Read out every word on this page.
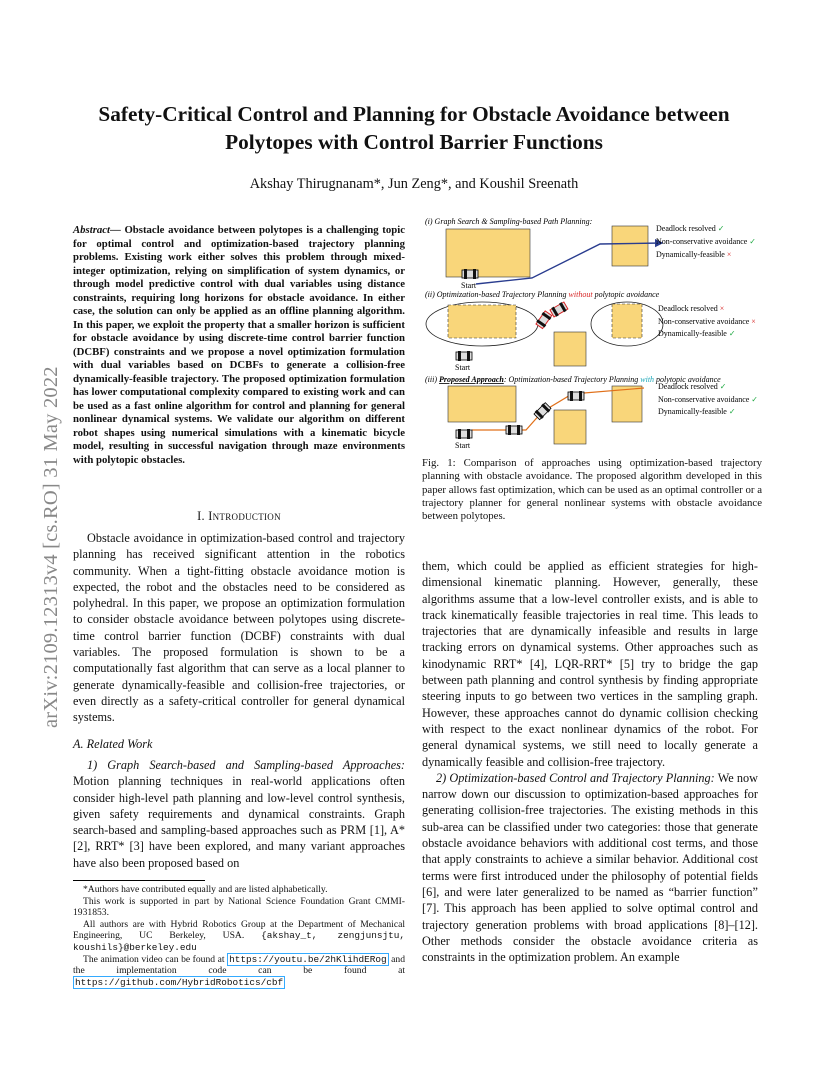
arXiv:2109.12313v4 [cs.RO] 31 May 2022
Safety-Critical Control and Planning for Obstacle Avoidance between Polytopes with Control Barrier Functions
Akshay Thirugnanam*, Jun Zeng*, and Koushil Sreenath
Abstract— Obstacle avoidance between polytopes is a challenging topic for optimal control and optimization-based trajectory planning problems. Existing work either solves this problem through mixed-integer optimization, relying on simplification of system dynamics, or through model predictive control with dual variables using distance constraints, requiring long horizons for obstacle avoidance. In either case, the solution can only be applied as an offline planning algorithm. In this paper, we exploit the property that a smaller horizon is sufficient for obstacle avoidance by using discrete-time control barrier function (DCBF) constraints and we propose a novel optimization formulation with dual variables based on DCBFs to generate a collision-free dynamically-feasible trajectory. The proposed optimization formulation has lower computational complexity compared to existing work and can be used as a fast online algorithm for control and planning for general nonlinear dynamical systems. We validate our algorithm on different robot shapes using numerical simulations with a kinematic bicycle model, resulting in successful navigation through maze environments with polytopic obstacles.
I. Introduction

Obstacle avoidance in optimization-based control and trajectory planning has received significant attention in the robotics community. When a tight-fitting obstacle avoidance motion is expected, the robot and the obstacles need to be considered as polyhedral. In this paper, we propose an optimization formulation to consider obstacle avoidance between polytopes using discrete-time control barrier function (DCBF) constraints with dual variables. The proposed formulation is shown to be a computationally fast algorithm that can serve as a local planner to generate dynamically-feasible and collision-free trajectories, or even directly as a safety-critical controller for general dynamical systems.

A. Related Work

1) Graph Search-based and Sampling-based Approaches: Motion planning techniques in real-world applications often consider high-level path planning and low-level control synthesis, given safety requirements and dynamical constraints. Graph search-based and sampling-based approaches such as PRM [1], A* [2], RRT* [3] have been explored, and many variant approaches have also been proposed based on

*Authors have contributed equally and are listed alphabetically.

This work is supported in part by National Science Foundation Grant CMMI-1931853.

All authors are with Hybrid Robotics Group at the Department of Mechanical Engineering, UC Berkeley, USA. {akshay_t, zengjunsjtu, koushils}@berkeley.edu

The animation video can be found at https://youtu.be/2hKlihdERog and the implementation code can be found at https://github.com/HybridRobotics/cbf

(i) Graph Search & Sampling-based Path Planning:
Start
Deadlock resolved ✓
Non-conservative avoidance ✓
Dynamically-feasible ×
(ii) Optimization-based Trajectory Planning without polytopic avoidance
Start
Deadlock resolved ×
Non-conservative avoidance ×
Dynamically-feasible ✓
(iii) Proposed Approach: Optimization-based Trajectory Planning with polytopic avoidance
Start
Deadlock resolved ✓
Non-conservative avoidance ✓
Dynamically-feasible ✓
Fig. 1: Comparison of approaches using optimization-based trajectory planning with obstacle avoidance. The proposed algorithm developed in this paper allows fast optimization, which can be used as an optimal controller or a trajectory planner for general nonlinear systems with obstacle avoidance between polytopes.

them, which could be applied as efficient strategies for high-dimensional kinematic planning. However, generally, these algorithms assume that a low-level controller exists, and is able to track kinematically feasible trajectories in real time. This leads to trajectories that are dynamically infeasible and results in large tracking errors on dynamical systems. Other approaches such as kinodynamic RRT* [4], LQR-RRT* [5] try to bridge the gap between path planning and control synthesis by finding appropriate steering inputs to go between two vertices in the sampling graph. However, these approaches cannot do dynamic collision checking with respect to the exact nonlinear dynamics of the robot. For general dynamical systems, we still need to locally generate a dynamically feasible and collision-free trajectory.

2) Optimization-based Control and Trajectory Planning: We now narrow down our discussion to optimization-based approaches for generating collision-free trajectories. The existing methods in this sub-area can be classified under two categories: those that generate obstacle avoidance behaviors with additional cost terms, and those that apply constraints to achieve a similar behavior. Additional cost terms were first introduced under the philosophy of potential fields [6], and were later generalized to be named as “barrier function” [7]. This approach has been applied to solve optimal control and trajectory generation problems with broad applications [8]–[12]. Other methods consider the obstacle avoidance criteria as constraints in the optimization problem. An example
